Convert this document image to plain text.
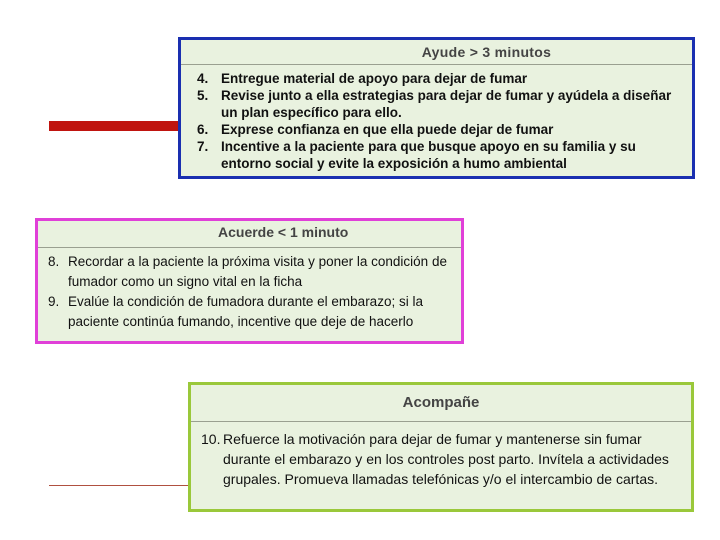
Ayude > 3 minutos
4. Entregue material de apoyo para dejar de fumar
5. Revise junto a ella estrategias para dejar de fumar y ayúdela a diseñar un plan específico para ello.
6. Exprese confianza en que ella puede dejar de fumar
7. Incentive a la paciente para que busque apoyo en su familia y su entorno social y evite la exposición a humo ambiental
Acuerde < 1 minuto
8. Recordar a la paciente la próxima visita y poner la condición de fumador como un signo vital en la ficha
9. Evalúe la condición de fumadora durante el embarazo; si la paciente continúa fumando, incentive que deje de hacerlo
Acompañe
10. Refuerce la motivación para dejar de fumar y mantenerse sin fumar durante el embarazo y en los controles post parto. Invítela a actividades grupales. Promueva llamadas telefónicas y/o el intercambio de cartas.
